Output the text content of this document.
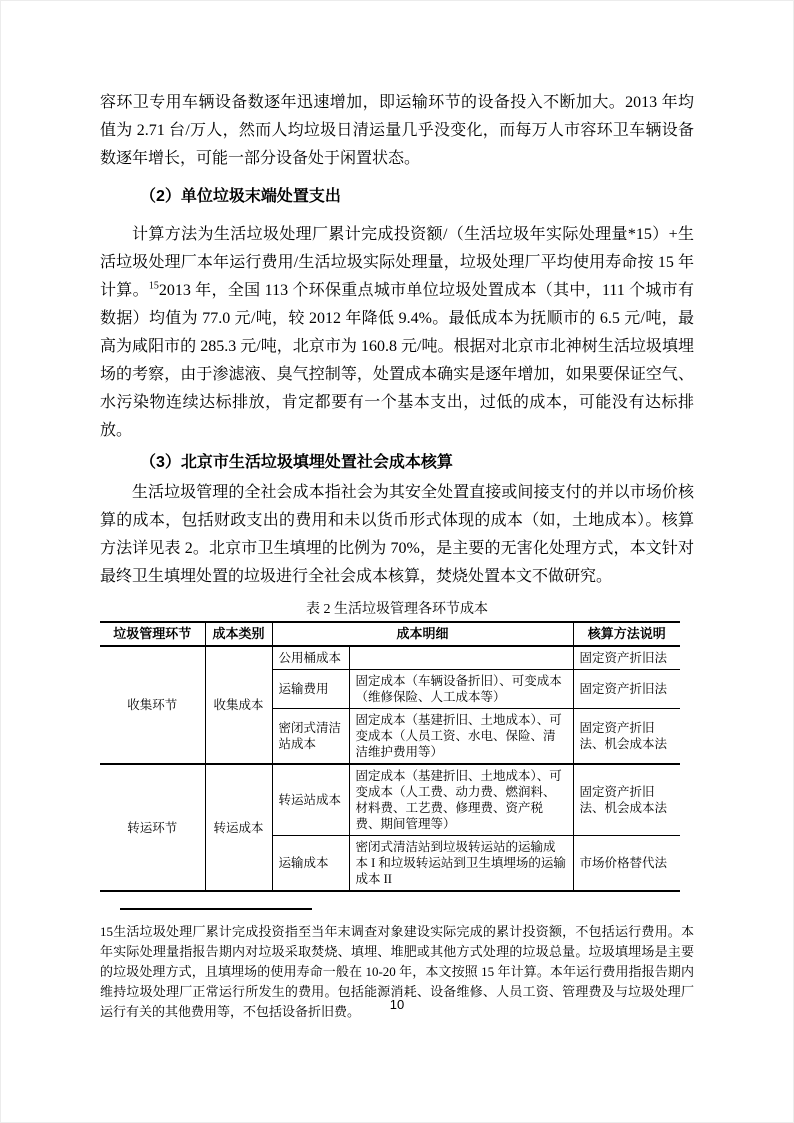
容环卫专用车辆设备数逐年迅速增加，即运输环节的设备投入不断加大。2013 年均值为 2.71 台/万人，然而人均垃圾日清运量几乎没变化，而每万人市容环卫车辆设备数逐年增长，可能一部分设备处于闲置状态。

（2）单位垃圾末端处置支出

计算方法为生活垃圾处理厂累计完成投资额/（生活垃圾年实际处理量*15）+生活垃圾处理厂本年运行费用/生活垃圾实际处理量，垃圾处理厂平均使用寿命按 15 年计算。$^{15}$2013 年，全国 113 个环保重点城市单位垃圾处置成本（其中，111 个城市有数据）均值为 77.0 元/吨，较 2012 年降低 9.4%。最低成本为抚顺市的 6.5 元/吨，最高为咸阳市的 285.3 元/吨，北京市为 160.8 元/吨。根据对北京市北神树生活垃圾填埋场的考察，由于渗滤液、臭气控制等，处置成本确实是逐年增加，如果要保证空气、水污染物连续达标排放，肯定都要有一个基本支出，过低的成本，可能没有达标排放。

（3）北京市生活垃圾填埋处置社会成本核算

生活垃圾管理的全社会成本指社会为其安全处置直接或间接支付的并以市场价核算的成本，包括财政支出的费用和未以货币形式体现的成本（如，土地成本）。核算方法详见表 2。北京市卫生填埋的比例为 70%，是主要的无害化处理方式，本文针对最终卫生填埋处置的垃圾进行全社会成本核算，焚烧处置本文不做研究。

表 2 生活垃圾管理各环节成本
垃圾管理环节	成本类别	成本明细		核算方法说明
收集环节	收集成本	公用桶成本		固定资产折旧法
		运输费用	固定成本（车辆设备折旧）、可变成本（维修保险、人工成本等）	固定资产折旧法
		密闭式清洁站成本	固定成本（基建折旧、土地成本）、可变成本（人员工资、水电、保险、清洁维护费用等）	固定资产折旧法、机会成本法
转运环节	转运成本	转运站成本	固定成本（基建折旧、土地成本）、可变成本（人工费、动力费、燃润料、材料费、工艺费、修理费、资产税费、期间管理等）	固定资产折旧法、机会成本法
		运输成本	密闭式清洁站到垃圾转运站的运输成本 I 和垃圾转运站到卫生填埋场的运输成本 II	市场价格替代法

15生活垃圾处理厂累计完成投资指至当年末调查对象建设实际完成的累计投资额，不包括运行费用。本年实际处理量指报告期内对垃圾采取焚烧、填埋、堆肥或其他方式处理的垃圾总量。垃圾填埋场是主要的垃圾处理方式，且填埋场的使用寿命一般在 10-20 年，本文按照 15 年计算。本年运行费用指报告期内维持垃圾处理厂正常运行所发生的费用。包括能源消耗、设备维修、人员工资、管理费及与垃圾处理厂运行有关的其他费用等，不包括设备折旧费。	10
